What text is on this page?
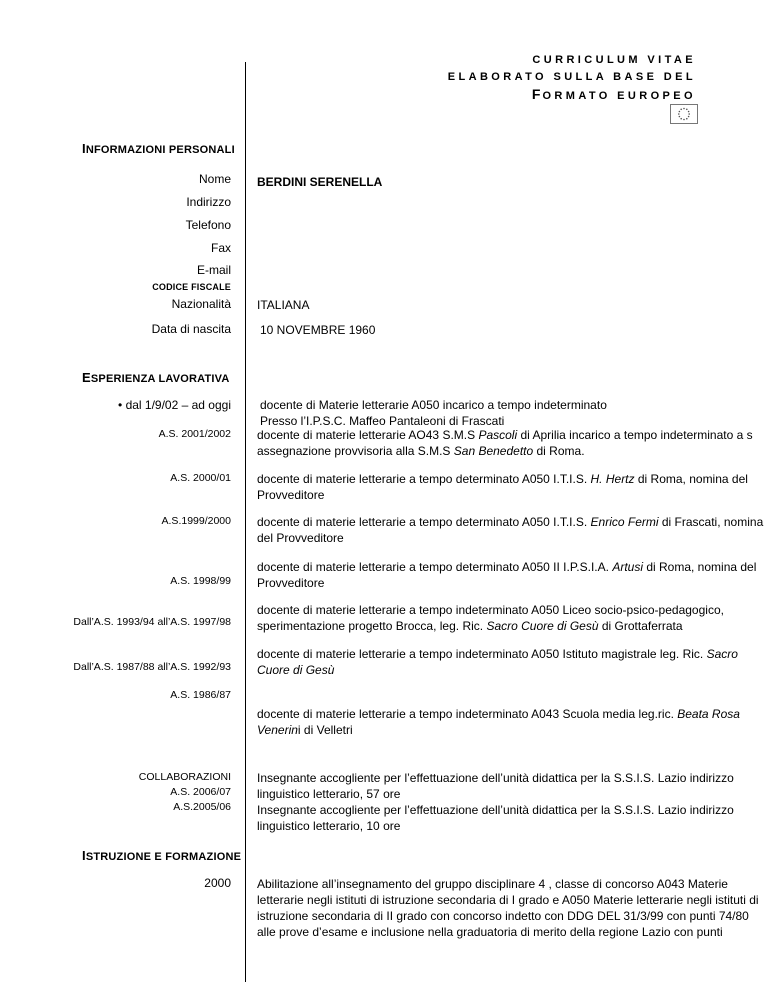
CURRICULUM VITAE
ELABORATO SULLA BASE DEL
FORMATO EUROPEO
INFORMAZIONI PERSONALI
Nome BERDINI SERENELLA
Indirizzo
Telefono
Fax
E-mail
CODICE FISCALE
Nazionalità ITALIANA
Data di nascita 10 NOVEMBRE 1960
ESPERIENZA LAVORATIVA
• dal 1/9/02 – ad oggi docente di Materie letterarie A050 incarico a tempo indeterminato
Presso l’I.P.S.C. Maffeo Pantaleoni di Frascati
A.S. 2001/2002 docente di materie letterarie AO43 S.M.S Pascoli di Aprilia incarico a tempo indeterminato a s
assegnazione provvisoria alla S.M.S San Benedetto di Roma.
A.S. 2000/01 docente di materie letterarie a tempo determinato A050 I.T.I.S. H. Hertz di Roma, nomina del
Provveditore
A.S.1999/2000 docente di materie letterarie a tempo determinato A050 I.T.I.S. Enrico Fermi di Frascati, nomina
del Provveditore
A.S. 1998/99
docente di materie letterarie a tempo determinato A050 II I.P.S.I.A. Artusi di Roma, nomina del
Provveditore
Dall’A.S. 1993/94 all’A.S. 1997/98
docente di materie letterarie a tempo indeterminato A050 Liceo socio-psico-pedagogico,
sperimentazione progetto Brocca, leg. Ric. Sacro Cuore di Gesù di Grottaferrata
Dall’A.S. 1987/88 all’A.S. 1992/93
docente di materie letterarie a tempo indeterminato A050 Istituto magistrale leg. Ric. Sacro
Cuore di Gesù
A.S. 1986/87
docente di materie letterarie a tempo indeterminato A043 Scuola media leg.ric. Beata Rosa
Venerini di Velletri
COLLABORAZIONI
A.S. 2006/07
A.S.2005/06
Insegnante accogliente per l’effettuazione dell’unità didattica per la S.S.I.S. Lazio indirizzo
linguistico letterario, 57 ore
Insegnante accogliente per l’effettuazione dell’unità didattica per la S.S.I.S. Lazio indirizzo
linguistico letterario, 10 ore
ISTRUZIONE E FORMAZIONE
2000 Abilitazione all’insegnamento del gruppo disciplinare 4 , classe di concorso A043 Materie
letterarie negli istituti di istruzione secondaria di I grado e A050 Materie letterarie negli istituti di
istruzione secondaria di II grado con concorso indetto con DDG DEL 31/3/99 con punti 74/80
alle prove d’esame e inclusione nella graduatoria di merito della regione Lazio con punti
